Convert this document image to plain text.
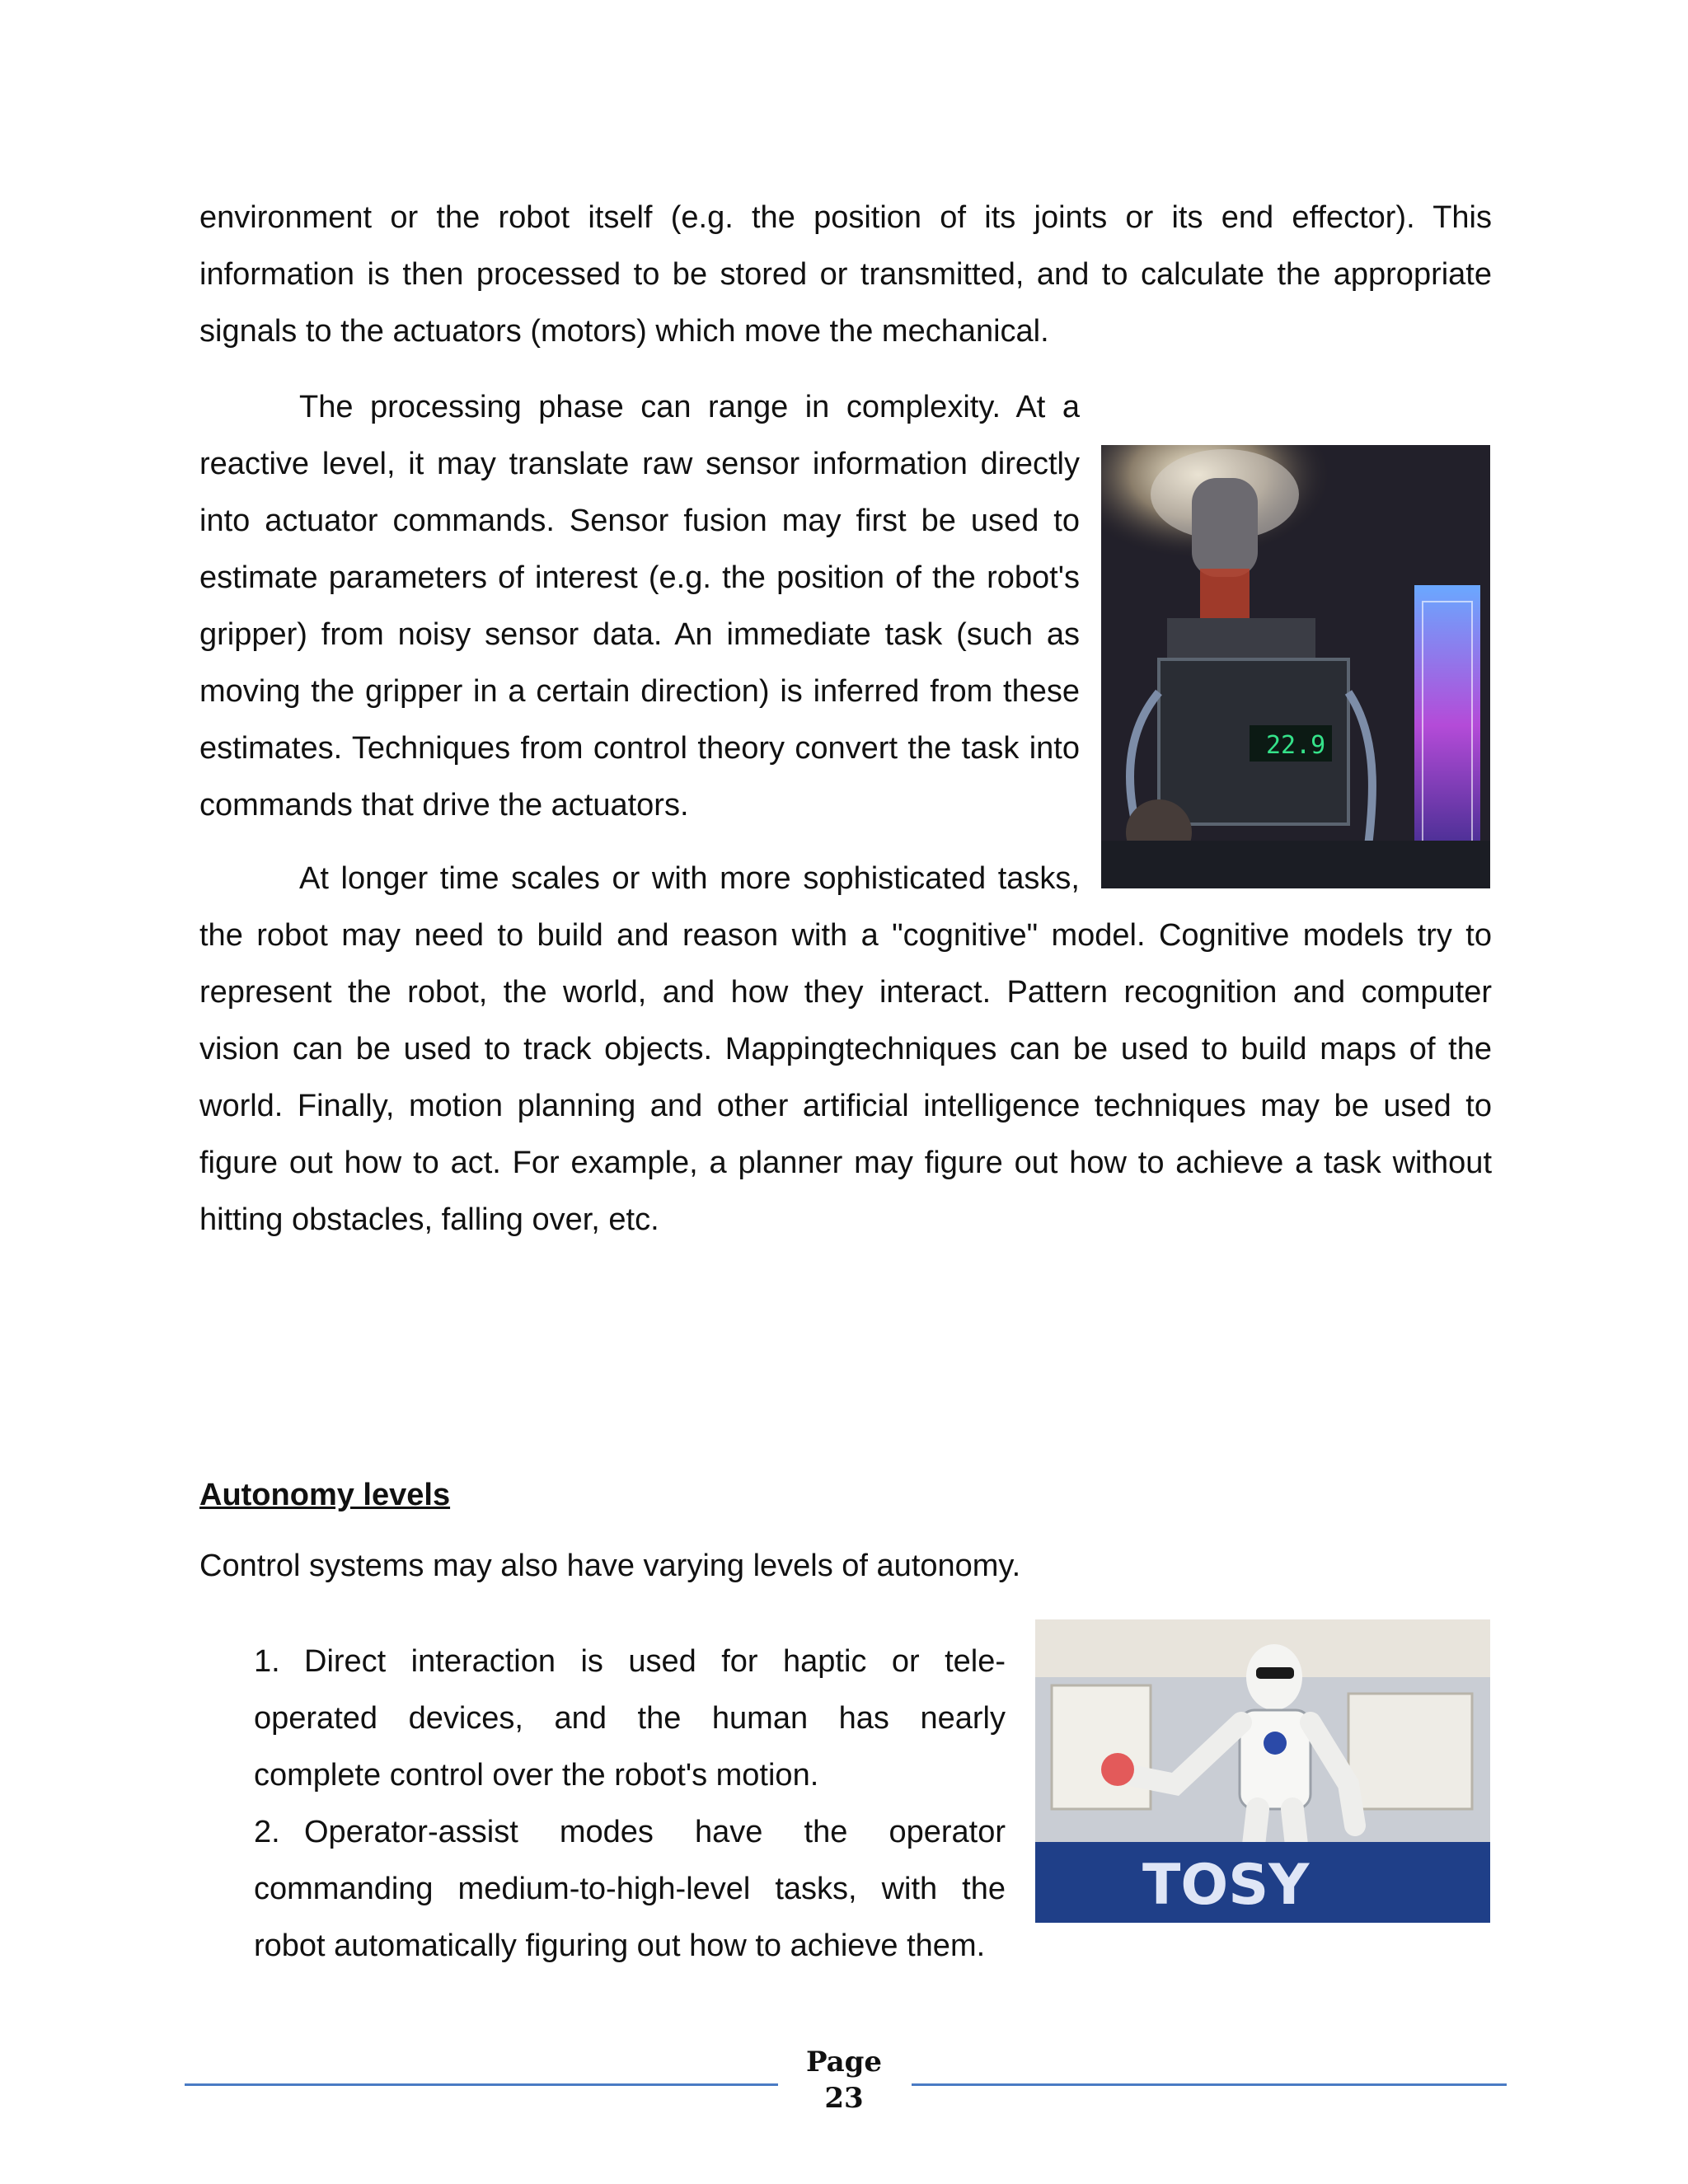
environment or the robot itself (e.g. the position of its joints or its end effector). This information is then processed to be stored or transmitted, and to calculate the appropriate signals to the actuators (motors) which move the mechanical.

22.9

At longer time scales or with more sophisticated tasks, the robot may need to build and reason with a "cognitive" model. Cognitive models try to represent the robot, the world, and how they interact. Pattern recognition and computer vision can be used to track objects. Mappingtechniques can be used to build maps of the world. Finally, motion planning and other artificial intelligence techniques may be used to figure out how to act. For example, a planner may figure out how to achieve a task without hitting obstacles, falling over, etc.

Autonomy levels

Control systems may also have varying levels of autonomy.

1. Direct interaction is used for haptic or tele-operated devices, and the human has nearly complete control over the robot's motion.
2. Operator-assist modes have the operator commanding medium-to-high-level tasks, with the robot automatically figuring out how to achieve them.
TOSY
Page
23

The processing phase can range in complexity. At a reactive level, it may translate raw sensor information directly into actuator commands. Sensor fusion may first be used to estimate parameters of interest (e.g. the position of the robot's gripper) from noisy sensor data. An immediate task (such as moving the gripper in a certain direction) is inferred from these estimates. Techniques from control theory convert the task into commands that drive the actuators.
